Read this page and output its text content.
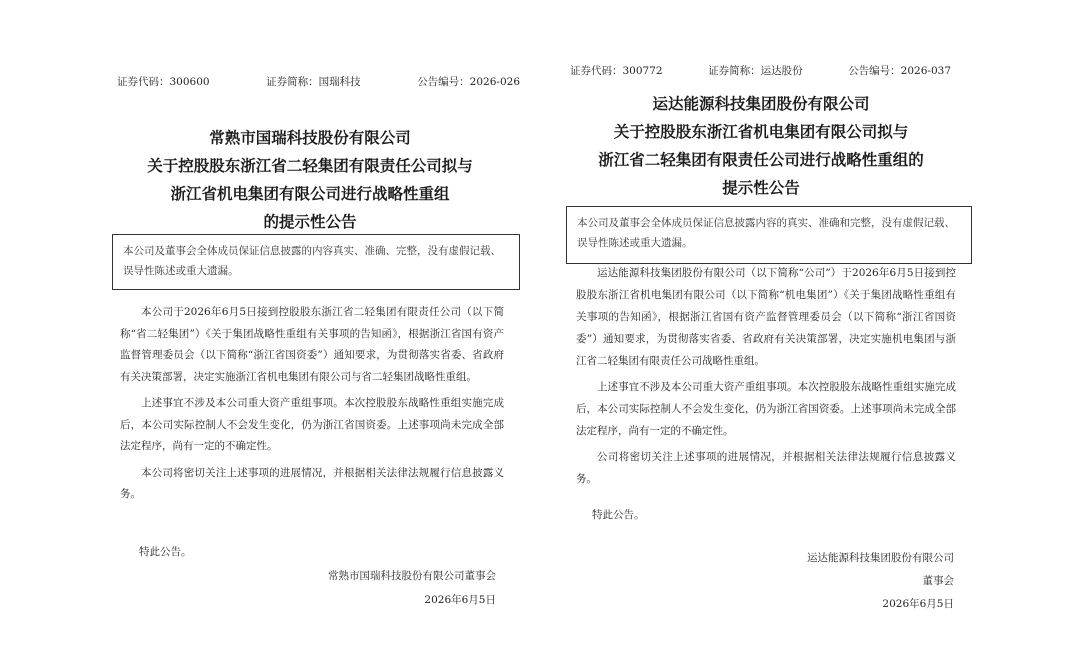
证券代码：300600	证券简称：国瑞科技	公告编号：2026-026
常熟市国瑞科技股份有限公司
关于控股股东浙江省二轻集团有限责任公司拟与
浙江省机电集团有限公司进行战略性重组
的提示性公告
本公司及董事会全体成员保证信息披露的内容真实、准确、完整，没有虚假记载、误导性陈述或重大遗漏。

本公司于2026年6月5日接到控股股东浙江省二轻集团有限责任公司（以下简称“省二轻集团”）《关于集团战略性重组有关事项的告知函》，根据浙江省国有资产监督管理委员会（以下简称“浙江省国资委”）通知要求，为贯彻落实省委、省政府有关决策部署，决定实施浙江省机电集团有限公司与省二轻集团战略性重组。

上述事宜不涉及本公司重大资产重组事项。本次控股股东战略性重组实施完成后，本公司实际控制人不会发生变化，仍为浙江省国资委。上述事项尚未完成全部法定程序，尚有一定的不确定性。

本公司将密切关注上述事项的进展情况，并根据相关法律法规履行信息披露义务。

特此公告。
常熟市国瑞科技股份有限公司董事会
2026年6月5日
证券代码：300772	证券简称：运达股份	公告编号：2026-037
运达能源科技集团股份有限公司
关于控股股东浙江省机电集团有限公司拟与
浙江省二轻集团有限责任公司进行战略性重组的
提示性公告
本公司及董事会全体成员保证信息披露内容的真实、准确和完整，没有虚假记载、误导性陈述或重大遗漏。

运达能源科技集团股份有限公司（以下简称“公司”）于2026年6月5日接到控股股东浙江省机电集团有限公司（以下简称“机电集团”）《关于集团战略性重组有关事项的告知函》，根据浙江省国有资产监督管理委员会（以下简称“浙江省国资委”）通知要求，为贯彻落实省委、省政府有关决策部署，决定实施机电集团与浙江省二轻集团有限责任公司战略性重组。

上述事宜不涉及本公司重大资产重组事项。本次控股股东战略性重组实施完成后，本公司实际控制人不会发生变化，仍为浙江省国资委。上述事项尚未完成全部法定程序，尚有一定的不确定性。

公司将密切关注上述事项的进展情况，并根据相关法律法规履行信息披露义务。

特此公告。
运达能源科技集团股份有限公司
董事会
2026年6月5日
